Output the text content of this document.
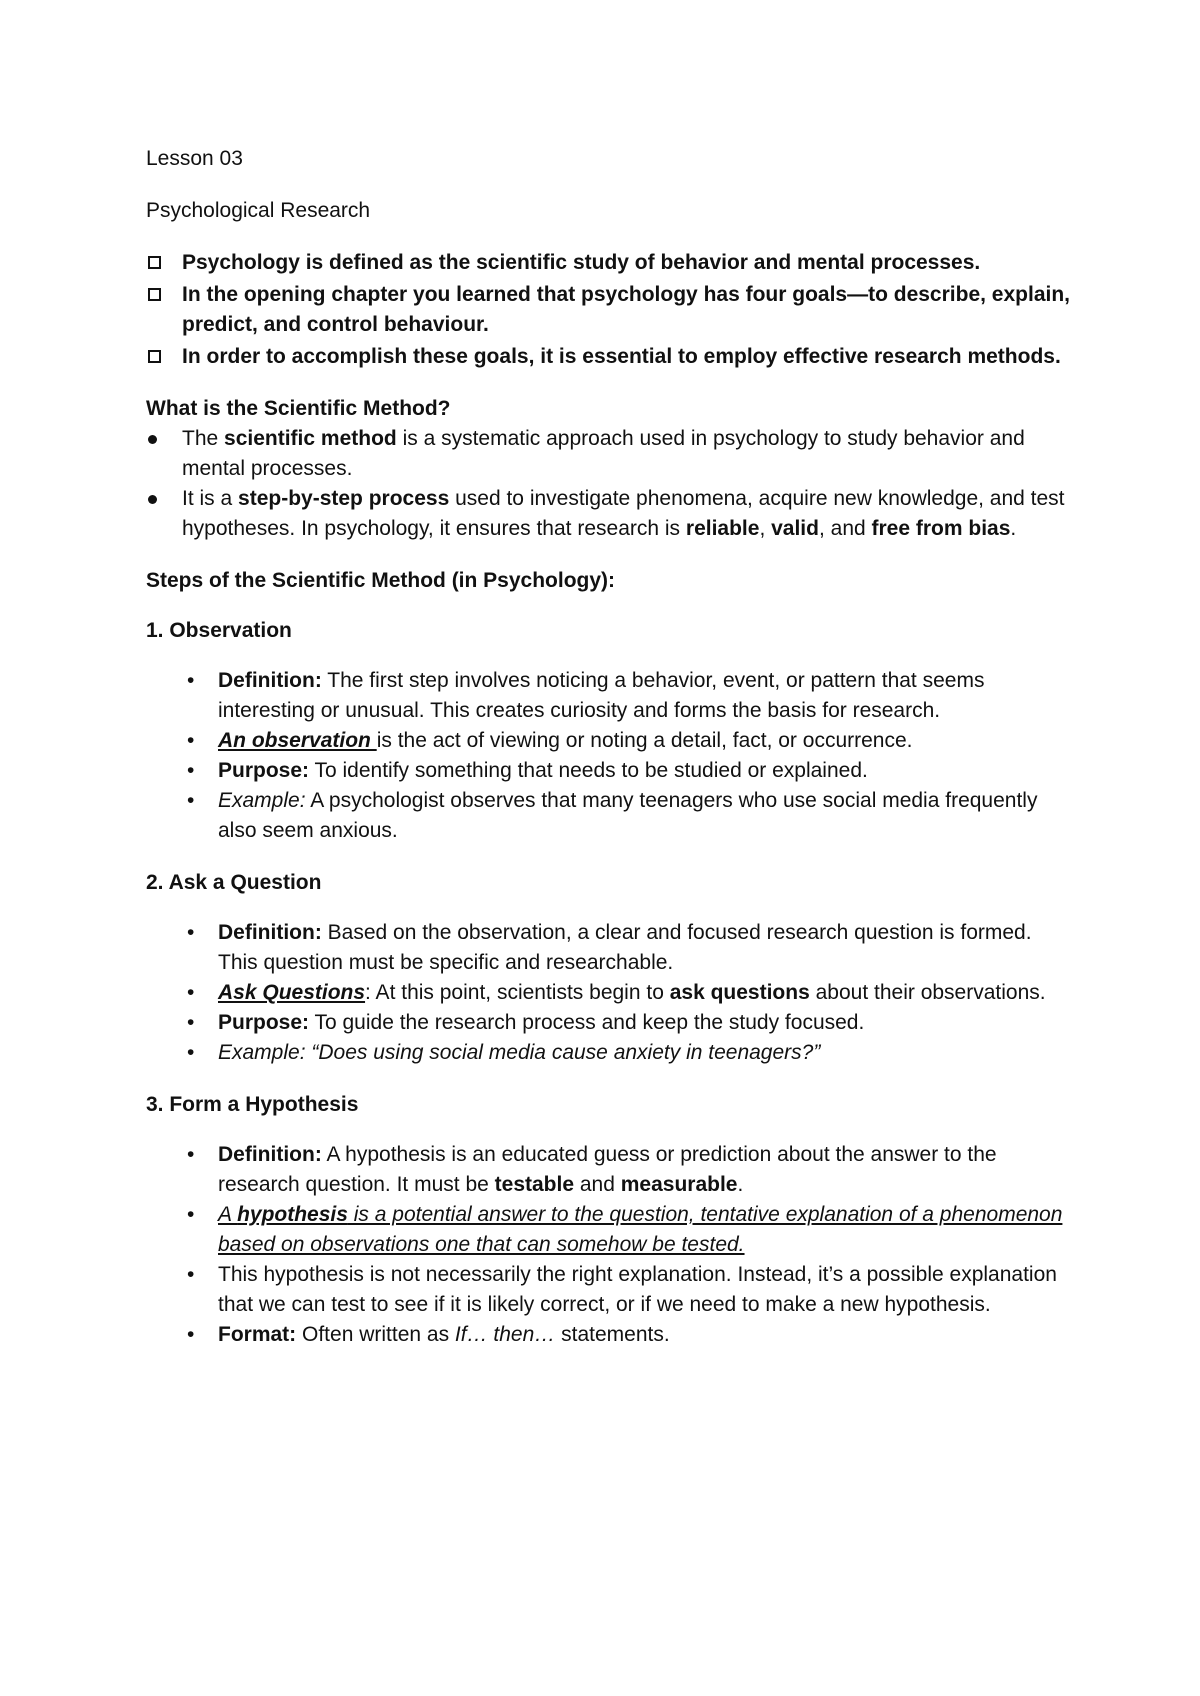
Lesson 03

Psychological Research

Psychology is defined as the scientific study of behavior and mental processes.
In the opening chapter you learned that psychology has four goals—to describe, explain, predict, and control behaviour.
In order to accomplish these goals, it is essential to employ effective research methods.

What is the Scientific Method?

The scientific method is a systematic approach used in psychology to study behavior and mental processes.
It is a step-by-step process used to investigate phenomena, acquire new knowledge, and test hypotheses. In psychology, it ensures that research is reliable, valid, and free from bias.

Steps of the Scientific Method (in Psychology):

1. Observation

• Definition: The first step involves noticing a behavior, event, or pattern that seems interesting or unusual. This creates curiosity and forms the basis for research.
• An observation is the act of viewing or noting a detail, fact, or occurrence.
• Purpose: To identify something that needs to be studied or explained.
• Example: A psychologist observes that many teenagers who use social media frequently also seem anxious.

2. Ask a Question

• Definition: Based on the observation, a clear and focused research question is formed. This question must be specific and researchable.
• Ask Questions: At this point, scientists begin to ask questions about their observations.
• Purpose: To guide the research process and keep the study focused.
• Example: “Does using social media cause anxiety in teenagers?”

3. Form a Hypothesis

• Definition: A hypothesis is an educated guess or prediction about the answer to the research question. It must be testable and measurable.
• A hypothesis is a potential answer to the question, tentative explanation of a phenomenon based on observations one that can somehow be tested.
• This hypothesis is not necessarily the right explanation. Instead, it’s a possible explanation that we can test to see if it is likely correct, or if we need to make a new hypothesis.
• Format: Often written as If… then… statements.
